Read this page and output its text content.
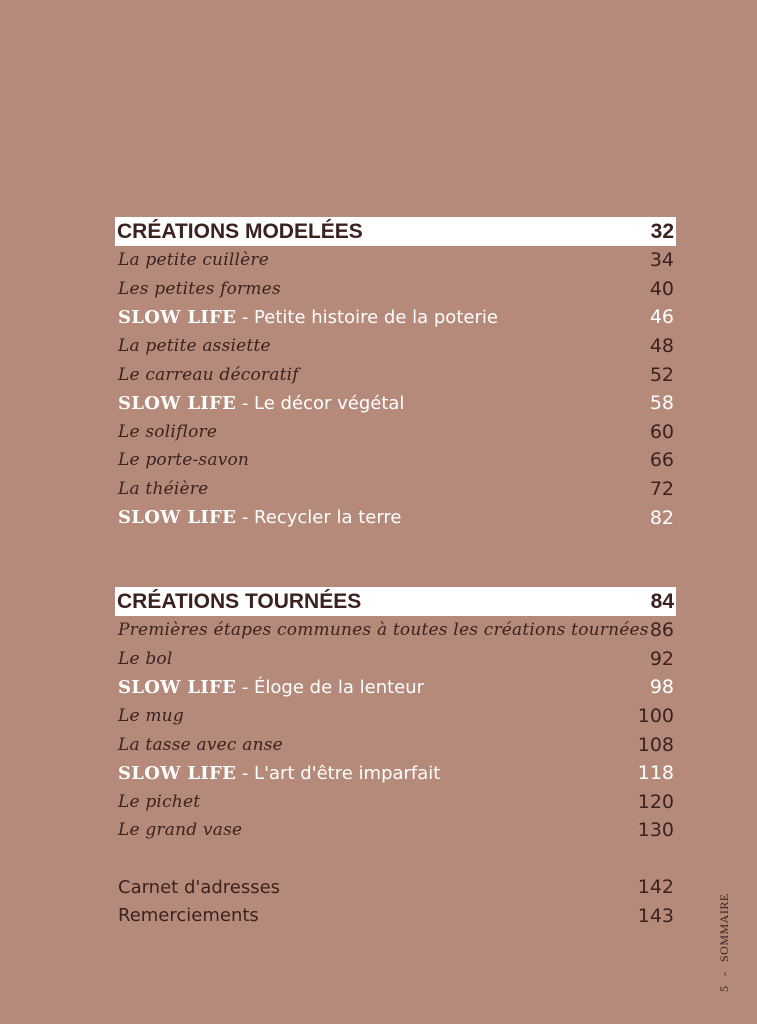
CRÉATIONS MODELÉES	32
La petite cuillère	34
Les petites formes	40
SLOW LIFE - Petite histoire de la poterie	46
La petite assiette	48
Le carreau décoratif	52
SLOW LIFE - Le décor végétal	58
Le soliflore	60
Le porte-savon	66
La théière	72
SLOW LIFE - Recycler la terre	82
CRÉATIONS TOURNÉES	84
Premières étapes communes à toutes les créations tournées 86
Le bol	92
SLOW LIFE - Éloge de la lenteur	98
Le mug	100
La tasse avec anse	108
SLOW LIFE - L'art d'être imparfait	118
Le pichet	120
Le grand vase	130
Carnet d'adresses	142
Remerciements	143
5 - SOMMAIRE
